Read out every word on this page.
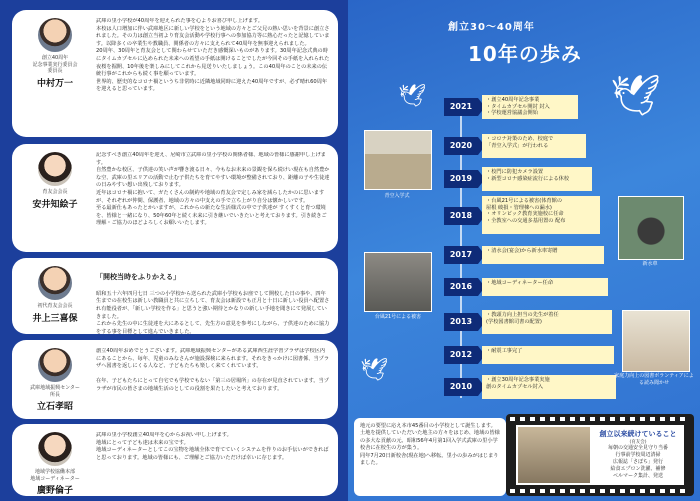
創立40周年
記念事業実行委員会
委員長
中村万一
武庫の里小学校が40周年を迎えられた事を心よりお喜び申し上げます。
本校は人口増加に伴い武庫地区に新しい学校をという地域の方々とご父兄の熱い思いを背景に創立されました。その力は創立当初より育友会活動や学校行事への参加協力等に熱心だったと記憶しています。以降多くの卒業生や教職員、関係者の方々に支えられて40周年を無事迎えられました。
20周年、30周年と育友会として関わらせていただき感慨深いものがあります。30周年記念式典の時にタイムカプセルに込められた未来への希望の手紙は開けることでしたが今回その手紙を入れられた夜桜を掘開、10年後を楽しみにしてこれから見送りいたしましょう。この40周年のことの未来の伝統行事がこれからも続く事を願っています。
世界的、歴史的なコロナ禍というち非常時に近隣地域同時に迎えた40周年ですが、必ず晴れ60周年を迎えると思っています。
育友会会長
安井知絵子
記念すべき創立40周年を迎え、尼崎市立武庫の里小学校の関係者様、地域の皆様に感謝申し上げます。
自然豊かな校区、子供達の笑い声が響き渡る日々、今もなお未来の景観を保ち続けい現在も自然豊かな空、武庫の里エリアの活動で止む子供たちを育てやすい環境が整備されており、距離の子や生徒達の日みやすい想い出残しております。
近年はコロナ禍に抱いて、ガたくさんの制約や地域の育友会で定しみ家を減らしたかのに思いますが、それぞれが仲間、保護者、地域の方々の中支えの手で立ち上がり自分は懐かしいです。
至る最新仕もあったとかいますが、これからの新たな生活様式の中で子供達が すくすくと育つ環境を、皆様と一緒になり、50年60年と続く未来に引き継いでいきたいと考えております。引き続きご理解・ご協力のほどよろしくお願いいたします。
初代育友会会長
井上三喜保

「開校当時をふりかえる」

昭和五十六年四月七日 三つの小学校から送られた武庫小学校もお座でして開校した日の事や、四年生までの在校生は新しい教職員と共に立ちして、育友会は新設でも正月と十日に新しい役員へ配置され有能役者が、「新しい学校を作る」と思うと強い期待とかなりの新しい手地を聞きにて発展していきました。
これから先生の中に生徒達を大にあるとして、先生方の意見を参考にしながら、子供達のために協力をする事を目標として進んでいきました。

武庫地域振興センター
所長
立石孝昭
創立40周年おめでとうございます。武庫地域振興センターがある武庫西生涯学習プラザは学校区内にあることから、毎年、児童のみなさんが施設探検に来られます。それをきっかけに図書係、当プラザへ図書を返しにくる人など、子どもたちも楽しく来てくれています。

在年、子どもたちにとって自宅でも学校でもない「第三の居場所」の存在が見直されています。当プラザが市民の皆さまの地域生活のとしての役割を果たしたいと考えております。
地域学校協働本部
地域コーディネーター
廣野倫子
武庫の里小学校創立40周年を心からお祝い申し上げます。
地域にとって子ども達は未来の宝です。
地域コーディネーターとしてこの宝物を地域全体で育てていくシステムを作りのお手伝いができればと思っております。地域の皆様にも、ご理解とご協力いただけば幸いに存じます。
創立30～40周年
10年の歩み
🕊	🕊
🕊
2021
・創立40周年記念事業
・タイムカプセル開封 封入
・学校運営協議会開始
2020
・コロナ対策のため、校庭で
「青空入学式」が行われる
2019
・校門に防犯カメラ設置
・新型コロナ感染症流行による休校
2018
・台風21号による被害(体育館の
屋根 破損・管理棟への漏水)
・オリンピック教育実施校に任命
・全教室への交通多基用置の 配布
2017	・清水会(宴会)から新水車寄贈
2016	・地域コーディネーター任命
2013
・教頭力向上担当の先生が着任
(学校図書館司書の配置)
2012	・耐震工事完了
2010
・創立30周年記念事業実施
創のタイムカプセル封入
青空入学式
台風21号による被害
新水車
家庭力向上の図書ボランティアによる読み聞かせ
地元の要望に応え本市45番目の小学校として誕生します。
土地を提供していただいた地主の方々をはじめ、地域の皆様の多大な貢献の元、昭和56年4月第1回入学式武庫の里小学校舎に在校生の方が集う。
同年7月20日新校舎(現在地)へ移転。里小の歩みがはじまりました。
創立以来続けていること
(育友会)
毎朝の交通安全見守り当番
行事前学校周辺清掃
広報誌「さぼち」発行
給食エプロン洗濯、補修
ベルマーク集計、発送
